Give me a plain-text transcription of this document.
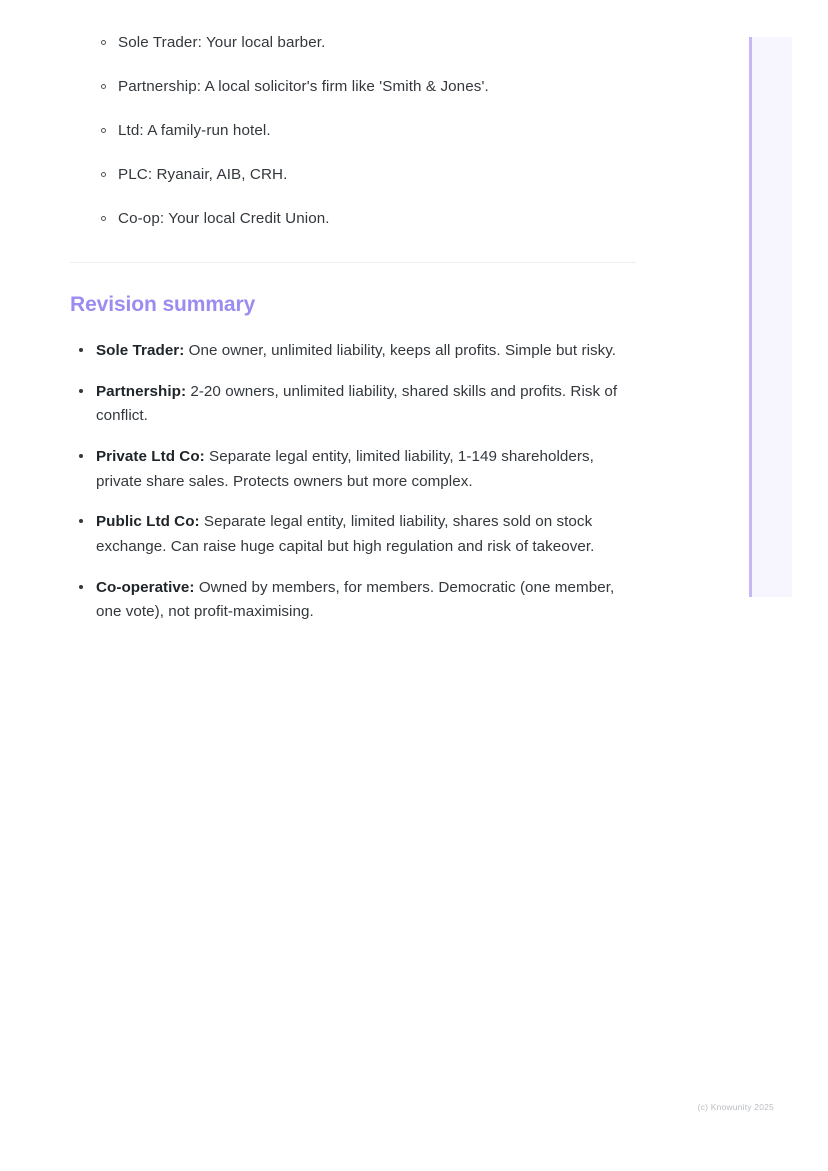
Sole Trader: Your local barber.
Partnership: A local solicitor's firm like 'Smith & Jones'.
Ltd: A family-run hotel.
PLC: Ryanair, AIB, CRH.
Co-op: Your local Credit Union.
Revision summary
Sole Trader: One owner, unlimited liability, keeps all profits. Simple but risky.
Partnership: 2-20 owners, unlimited liability, shared skills and profits. Risk of conflict.
Private Ltd Co: Separate legal entity, limited liability, 1-149 shareholders, private share sales. Protects owners but more complex.
Public Ltd Co: Separate legal entity, limited liability, shares sold on stock exchange. Can raise huge capital but high regulation and risk of takeover.
Co-operative: Owned by members, for members. Democratic (one member, one vote), not profit-maximising.
(c) Knowunity 2025
